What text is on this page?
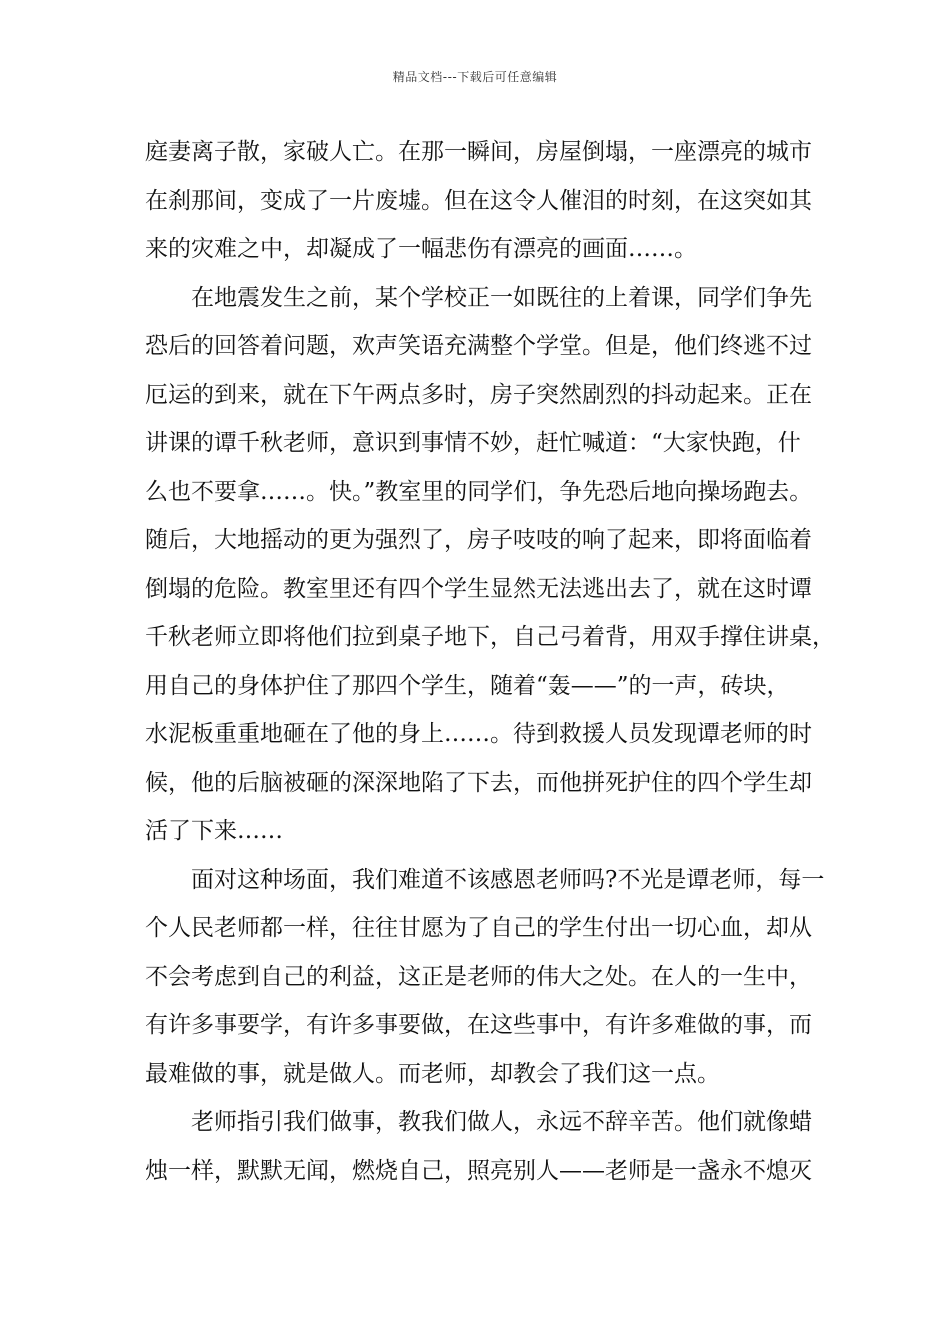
精品文档---下载后可任意编辑
庭妻离子散，家破人亡。在那一瞬间，房屋倒塌，一座漂亮的城市
在刹那间，变成了一片废墟。但在这令人催泪的时刻，在这突如其
来的灾难之中，却凝成了一幅悲伤有漂亮的画面……。
在地震发生之前，某个学校正一如既往的上着课，同学们争先
恐后的回答着问题，欢声笑语充满整个学堂。但是，他们终逃不过
厄运的到来，就在下午两点多时，房子突然剧烈的抖动起来。正在
讲课的谭千秋老师，意识到事情不妙，赶忙喊道：“大家快跑，什
么也不要拿……。快。”教室里的同学们，争先恐后地向操场跑去。
随后，大地摇动的更为强烈了，房子吱吱的响了起来，即将面临着
倒塌的危险。教室里还有四个学生显然无法逃出去了，就在这时谭
千秋老师立即将他们拉到桌子地下，自己弓着背，用双手撑住讲桌，
用自己的身体护住了那四个学生，随着“轰——”的一声，砖块，
水泥板重重地砸在了他的身上……。待到救援人员发现谭老师的时
候，他的后脑被砸的深深地陷了下去，而他拼死护住的四个学生却
活了下来……
面对这种场面，我们难道不该感恩老师吗?不光是谭老师，每一
个人民老师都一样，往往甘愿为了自己的学生付出一切心血，却从
不会考虑到自己的利益，这正是老师的伟大之处。在人的一生中，
有许多事要学，有许多事要做，在这些事中，有许多难做的事，而
最难做的事，就是做人。而老师，却教会了我们这一点。
老师指引我们做事，教我们做人，永远不辞辛苦。他们就像蜡
烛一样，默默无闻，燃烧自己，照亮别人——老师是一盏永不熄灭
